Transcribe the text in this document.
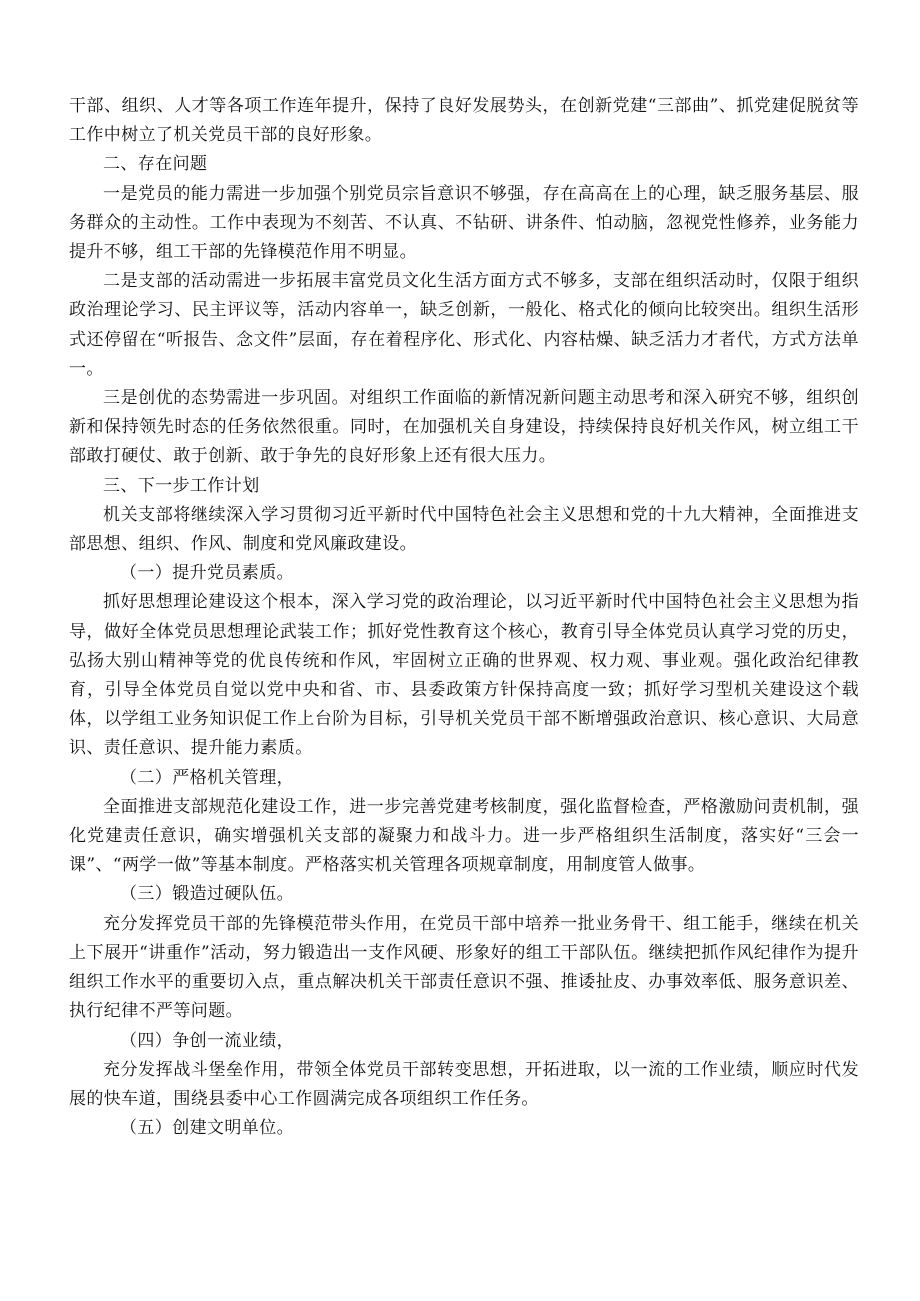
干部、组织、人才等各项工作连年提升，保持了良好发展势头，在创新党建“三部曲”、抓党建促脱贫等工作中树立了机关党员干部的良好形象。

二、存在问题

一是党员的能力需进一步加强个别党员宗旨意识不够强，存在高高在上的心理，缺乏服务基层、服务群众的主动性。工作中表现为不刻苦、不认真、不钻研、讲条件、怕动脑，忽视党性修养，业务能力提升不够，组工干部的先锋模范作用不明显。

二是支部的活动需进一步拓展丰富党员文化生活方面方式不够多，支部在组织活动时，仅限于组织政治理论学习、民主评议等，活动内容单一，缺乏创新，一般化、格式化的倾向比较突出。组织生活形式还停留在“听报告、念文件”层面，存在着程序化、形式化、内容枯燥、缺乏活力才者代，方式方法单一。

三是创优的态势需进一步巩固。对组织工作面临的新情况新问题主动思考和深入研究不够，组织创新和保持领先时态的任务依然很重。同时，在加强机关自身建设，持续保持良好机关作风，树立组工干部敢打硬仗、敢于创新、敢于争先的良好形象上还有很大压力。

三、下一步工作计划

机关支部将继续深入学习贯彻习近平新时代中国特色社会主义思想和党的十九大精神，全面推进支部思想、组织、作风、制度和党风廉政建设。

（一）提升党员素质。

抓好思想理论建设这个根本，深入学习党的政治理论，以习近平新时代中国特色社会主义思想为指导，做好全体党员思想理论武装工作；抓好党性教育这个核心，教育引导全体党员认真学习党的历史，弘扬大别山精神等党的优良传统和作风，牢固树立正确的世界观、权力观、事业观。强化政治纪律教育，引导全体党员自觉以党中央和省、市、县委政策方针保持高度一致；抓好学习型机关建设这个载体，以学组工业务知识促工作上台阶为目标，引导机关党员干部不断增强政治意识、核心意识、大局意识、责任意识、提升能力素质。

（二）严格机关管理，

全面推进支部规范化建设工作，进一步完善党建考核制度，强化监督检查，严格激励问责机制，强化党建责任意识，确实增强机关支部的凝聚力和战斗力。进一步严格组织生活制度，落实好“三会一课”、“两学一做”等基本制度。严格落实机关管理各项规章制度，用制度管人做事。

（三）锻造过硬队伍。

充分发挥党员干部的先锋模范带头作用，在党员干部中培养一批业务骨干、组工能手，继续在机关上下展开“讲重作”活动，努力锻造出一支作风硬、形象好的组工干部队伍。继续把抓作风纪律作为提升组织工作水平的重要切入点，重点解决机关干部责任意识不强、推诿扯皮、办事效率低、服务意识差、执行纪律不严等问题。

（四）争创一流业绩，

充分发挥战斗堡垒作用，带领全体党员干部转变思想，开拓进取，以一流的工作业绩，顺应时代发展的快车道，围绕县委中心工作圆满完成各项组织工作任务。

（五）创建文明单位。
